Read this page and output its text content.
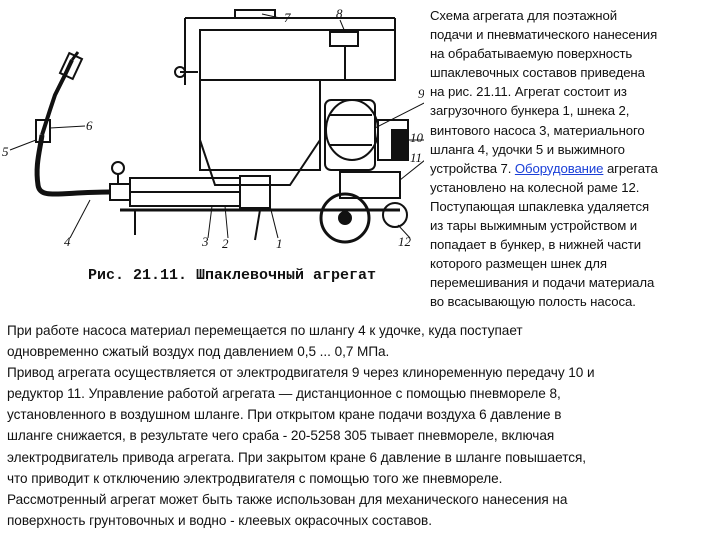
7	8
9
10
11
12
1
2
3
4
5
6
Рис. 21.11. Шпаклевочный агрегат
Схема агрегата для поэтажной
подачи и пневматического нанесения
на обрабатываемую поверхность
шпаклевочных составов приведена
на рис. 21.11. Агрегат состоит из
загрузочного бункера 1, шнека 2,
винтового насоса 3, материального
шланга 4, удочки 5 и выжимного
устройства 7. Оборудование агрегата
установлено на колесной раме 12.
Поступающая шпаклевка удаляется
из тары выжимным устройством и
попадает в бункер, в нижней части
которого размещен шнек для
перемешивания и подачи материала
во всасывающую полость насоса.
При работе насоса материал перемещается по шлангу 4 к удочке, куда поступает
одновременно сжатый воздух под давлением 0,5 ... 0,7 МПа.
Привод агрегата осуществляется от электродвигателя 9 через клиноременную передачу 10 и
редуктор 11. Управление работой агрегата — дистанционное с помощью пневмореле 8,
установленного в воздушном шланге. При открытом кране подачи воздуха 6 давление в
шланге снижается, в результате чего сраба - 20-5258 305 тывает пневмореле, включая
электродвигатель привода агрегата. При закрытом кране 6 давление в шланге повышается,
что приводит к отключению электродвигателя с помощью того же пневмореле.
Рассмотренный агрегат может быть также использован для механического нанесения на
поверхность грунтовочных и водно - клеевых окрасочных составов.
